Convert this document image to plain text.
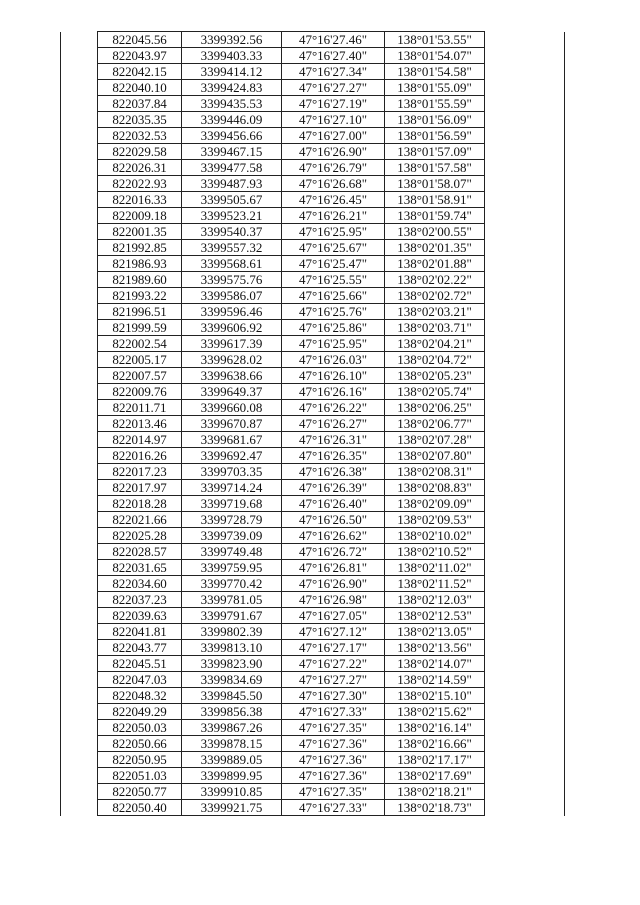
	822045.56	3399392.56	47°16'27.46"	138°01'53.55"	
	822043.97	3399403.33	47°16'27.40"	138°01'54.07"	
	822042.15	3399414.12	47°16'27.34"	138°01'54.58"	
	822040.10	3399424.83	47°16'27.27"	138°01'55.09"	
	822037.84	3399435.53	47°16'27.19"	138°01'55.59"	
	822035.35	3399446.09	47°16'27.10"	138°01'56.09"	
	822032.53	3399456.66	47°16'27.00"	138°01'56.59"	
	822029.58	3399467.15	47°16'26.90"	138°01'57.09"	
	822026.31	3399477.58	47°16'26.79"	138°01'57.58"	
	822022.93	3399487.93	47°16'26.68"	138°01'58.07"	
	822016.33	3399505.67	47°16'26.45"	138°01'58.91"	
	822009.18	3399523.21	47°16'26.21"	138°01'59.74"	
	822001.35	3399540.37	47°16'25.95"	138°02'00.55"	
	821992.85	3399557.32	47°16'25.67"	138°02'01.35"	
	821986.93	3399568.61	47°16'25.47"	138°02'01.88"	
	821989.60	3399575.76	47°16'25.55"	138°02'02.22"	
	821993.22	3399586.07	47°16'25.66"	138°02'02.72"	
	821996.51	3399596.46	47°16'25.76"	138°02'03.21"	
	821999.59	3399606.92	47°16'25.86"	138°02'03.71"	
	822002.54	3399617.39	47°16'25.95"	138°02'04.21"	
	822005.17	3399628.02	47°16'26.03"	138°02'04.72"	
	822007.57	3399638.66	47°16'26.10"	138°02'05.23"	
	822009.76	3399649.37	47°16'26.16"	138°02'05.74"	
	822011.71	3399660.08	47°16'26.22"	138°02'06.25"	
	822013.46	3399670.87	47°16'26.27"	138°02'06.77"	
	822014.97	3399681.67	47°16'26.31"	138°02'07.28"	
	822016.26	3399692.47	47°16'26.35"	138°02'07.80"	
	822017.23	3399703.35	47°16'26.38"	138°02'08.31"	
	822017.97	3399714.24	47°16'26.39"	138°02'08.83"	
	822018.28	3399719.68	47°16'26.40"	138°02'09.09"	
	822021.66	3399728.79	47°16'26.50"	138°02'09.53"	
	822025.28	3399739.09	47°16'26.62"	138°02'10.02"	
	822028.57	3399749.48	47°16'26.72"	138°02'10.52"	
	822031.65	3399759.95	47°16'26.81"	138°02'11.02"	
	822034.60	3399770.42	47°16'26.90"	138°02'11.52"	
	822037.23	3399781.05	47°16'26.98"	138°02'12.03"	
	822039.63	3399791.67	47°16'27.05"	138°02'12.53"	
	822041.81	3399802.39	47°16'27.12"	138°02'13.05"	
	822043.77	3399813.10	47°16'27.17"	138°02'13.56"	
	822045.51	3399823.90	47°16'27.22"	138°02'14.07"	
	822047.03	3399834.69	47°16'27.27"	138°02'14.59"	
	822048.32	3399845.50	47°16'27.30"	138°02'15.10"	
	822049.29	3399856.38	47°16'27.33"	138°02'15.62"	
	822050.03	3399867.26	47°16'27.35"	138°02'16.14"	
	822050.66	3399878.15	47°16'27.36"	138°02'16.66"	
	822050.95	3399889.05	47°16'27.36"	138°02'17.17"	
	822051.03	3399899.95	47°16'27.36"	138°02'17.69"	
	822050.77	3399910.85	47°16'27.35"	138°02'18.21"	
	822050.40	3399921.75	47°16'27.33"	138°02'18.73"	
